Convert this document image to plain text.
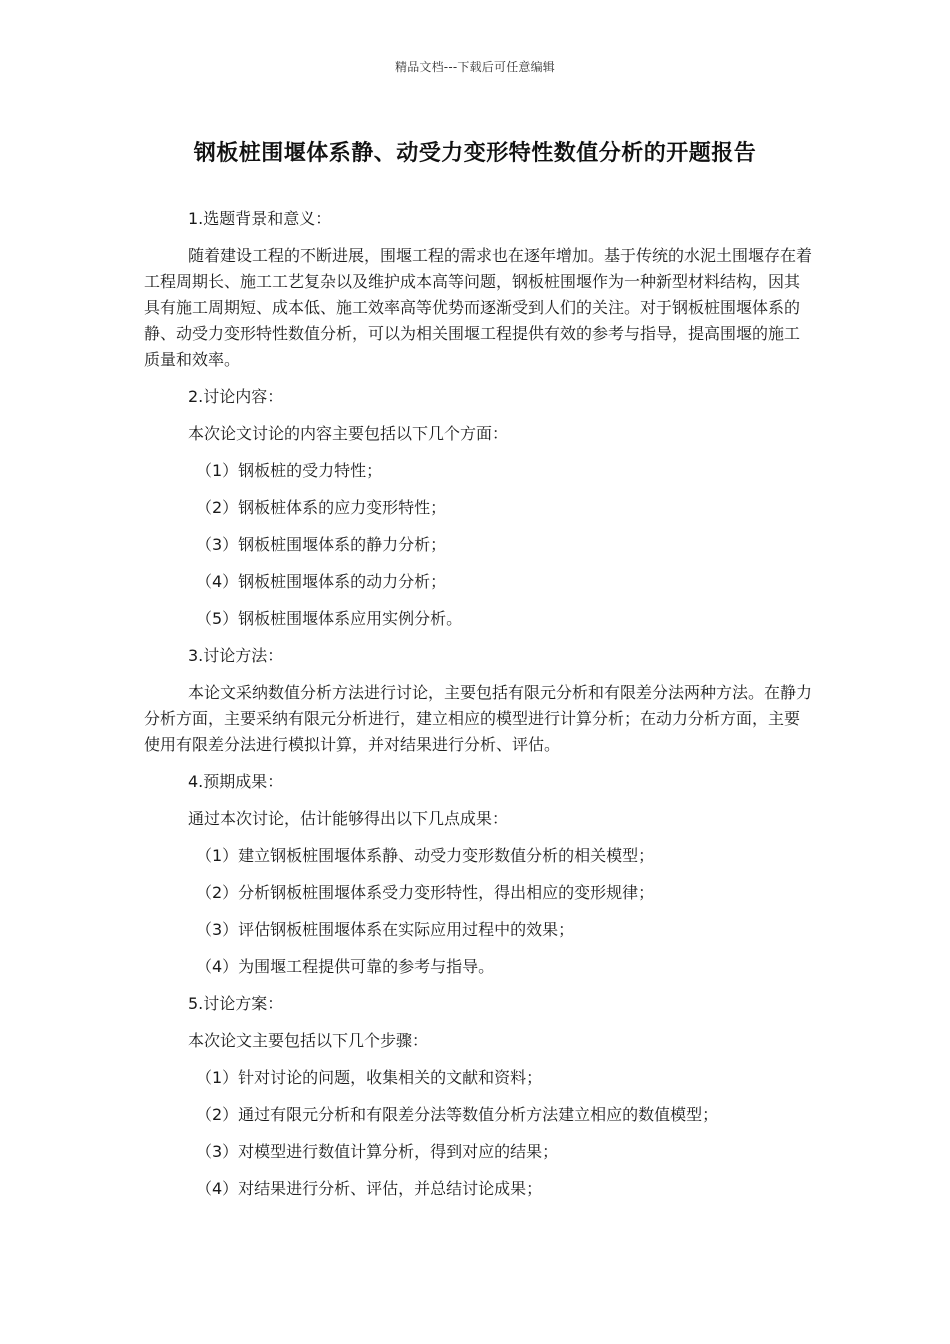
精品文档---下载后可任意编辑
钢板桩围堰体系静、动受力变形特性数值分析的开题报告

1.选题背景和意义：

随着建设工程的不断进展，围堰工程的需求也在逐年增加。基于传统的水泥土围堰存在着工程周期长、施工工艺复杂以及维护成本高等问题，钢板桩围堰作为一种新型材料结构，因其具有施工周期短、成本低、施工效率高等优势而逐渐受到人们的关注。对于钢板桩围堰体系的静、动受力变形特性数值分析，可以为相关围堰工程提供有效的参考与指导，提高围堰的施工质量和效率。

2.讨论内容：

本次论文讨论的内容主要包括以下几个方面：

（1）钢板桩的受力特性；

（2）钢板桩体系的应力变形特性；

（3）钢板桩围堰体系的静力分析；

（4）钢板桩围堰体系的动力分析；

（5）钢板桩围堰体系应用实例分析。

3.讨论方法：

本论文采纳数值分析方法进行讨论，主要包括有限元分析和有限差分法两种方法。在静力分析方面，主要采纳有限元分析进行，建立相应的模型进行计算分析；在动力分析方面，主要使用有限差分法进行模拟计算，并对结果进行分析、评估。

4.预期成果：

通过本次讨论，估计能够得出以下几点成果：

（1）建立钢板桩围堰体系静、动受力变形数值分析的相关模型；

（2）分析钢板桩围堰体系受力变形特性，得出相应的变形规律；

（3）评估钢板桩围堰体系在实际应用过程中的效果；

（4）为围堰工程提供可靠的参考与指导。

5.讨论方案：

本次论文主要包括以下几个步骤：

（1）针对讨论的问题，收集相关的文献和资料；

（2）通过有限元分析和有限差分法等数值分析方法建立相应的数值模型；

（3）对模型进行数值计算分析，得到对应的结果；

（4）对结果进行分析、评估，并总结讨论成果；
